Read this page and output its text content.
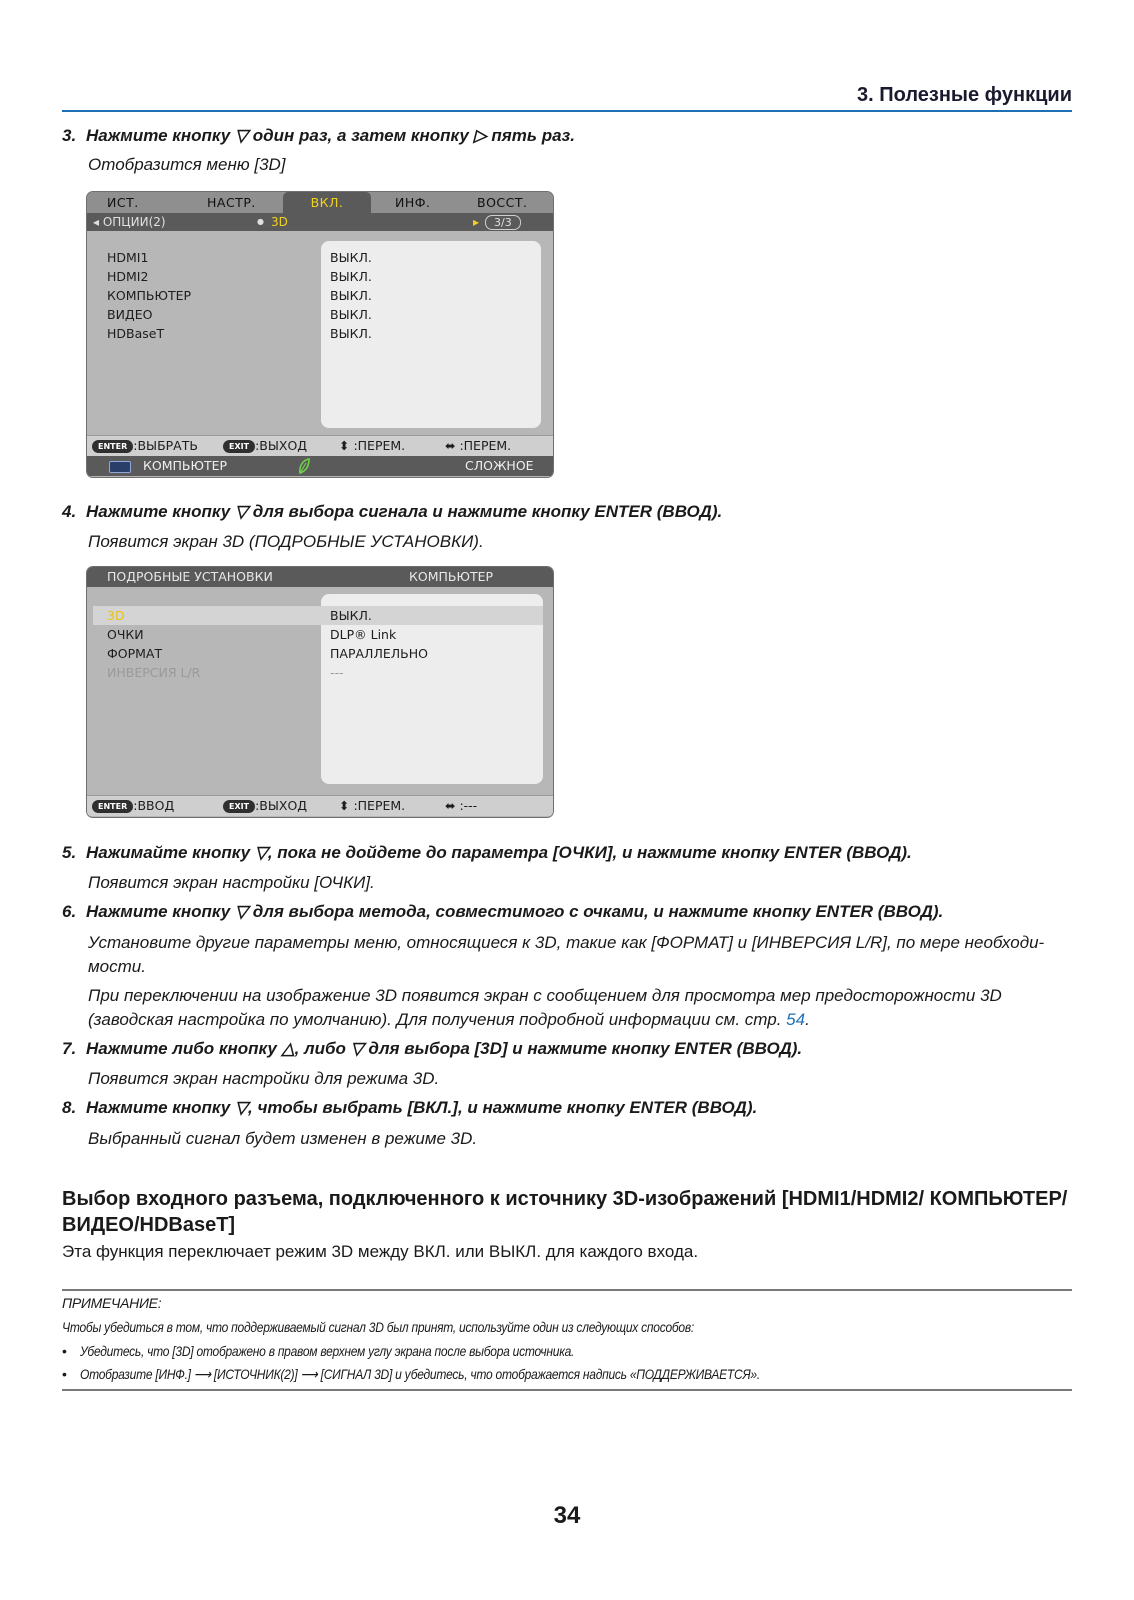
3. Полезные функции
3. Нажмите кнопку ▽ один раз, а затем кнопку ▷ пять раз.
Отобразится меню [3D]
ИСТ.	НАСТР.	ВКЛ.	ИНФ.	ВОССТ.
◂ ОПЦИИ(2)	● 3D	▸	3/3
HDMI1	ВЫКЛ.
HDMI2	ВЫКЛ.
КОМПЬЮТЕР	ВЫКЛ.
ВИДЕО	ВЫКЛ.
HDBaseT	ВЫКЛ.
ENTER :ВЫБРАТЬ	EXIT :ВЫХОД	⬍ :ПЕРЕМ.	⬌ :ПЕРЕМ.
КОМПЬЮТЕР	СЛОЖНОЕ
4. Нажмите кнопку ▽ для выбора сигнала и нажмите кнопку ENTER (ВВОД).
Появится экран 3D (ПОДРОБНЫЕ УСТАНОВКИ).
ПОДРОБНЫЕ УСТАНОВКИ	КОМПЬЮТЕР
3D	ВЫКЛ.
ОЧКИ	DLP® Link
ФОРМАТ	ПАРАЛЛЕЛЬНО
ИНВЕРСИЯ L/R	---
ENTER :ВВОД	EXIT :ВЫХОД	⬍ :ПЕРЕМ.	⬌ :---
5. Нажимайте кнопку ▽, пока не дойдете до параметра [ОЧКИ], и нажмите кнопку ENTER (ВВОД).
Появится экран настройки [ОЧКИ].
6. Нажмите кнопку ▽ для выбора метода, совместимого с очками, и нажмите кнопку ENTER (ВВОД).
Установите другие параметры меню, относящиеся к 3D, такие как [ФОРМАТ] и [ИНВЕРСИЯ L/R], по мере необходи-
мости.
При переключении на изображение 3D появится экран с сообщением для просмотра мер предосторожности 3D
(заводская настройка по умолчанию). Для получения подробной информации см. стр. 54.
7. Нажмите либо кнопку △, либо ▽ для выбора [3D] и нажмите кнопку ENTER (ВВОД).
Появится экран настройки для режима 3D.
8. Нажмите кнопку ▽, чтобы выбрать [ВКЛ.], и нажмите кнопку ENTER (ВВОД).
Выбранный сигнал будет изменен в режиме 3D.
Выбор входного разъема, подключенного к источнику 3D-изображений [HDMI1/HDMI2/ КОМПЬЮТЕР/ВИДЕО/HDBaseT]
Эта функция переключает режим 3D между ВКЛ. или ВЫКЛ. для каждого входа.
ПРИМЕЧАНИЕ:
Чтобы убедиться в том, что поддерживаемый сигнал 3D был принят, используйте один из следующих способов:
• Убедитесь, что [3D] отображено в правом верхнем углу экрана после выбора источника.
• Отобразите [ИНФ.] ⟶ [ИСТОЧНИК(2)] ⟶ [СИГНАЛ 3D] и убедитесь, что отображается надпись «ПОДДЕРЖИВАЕТСЯ».
34
